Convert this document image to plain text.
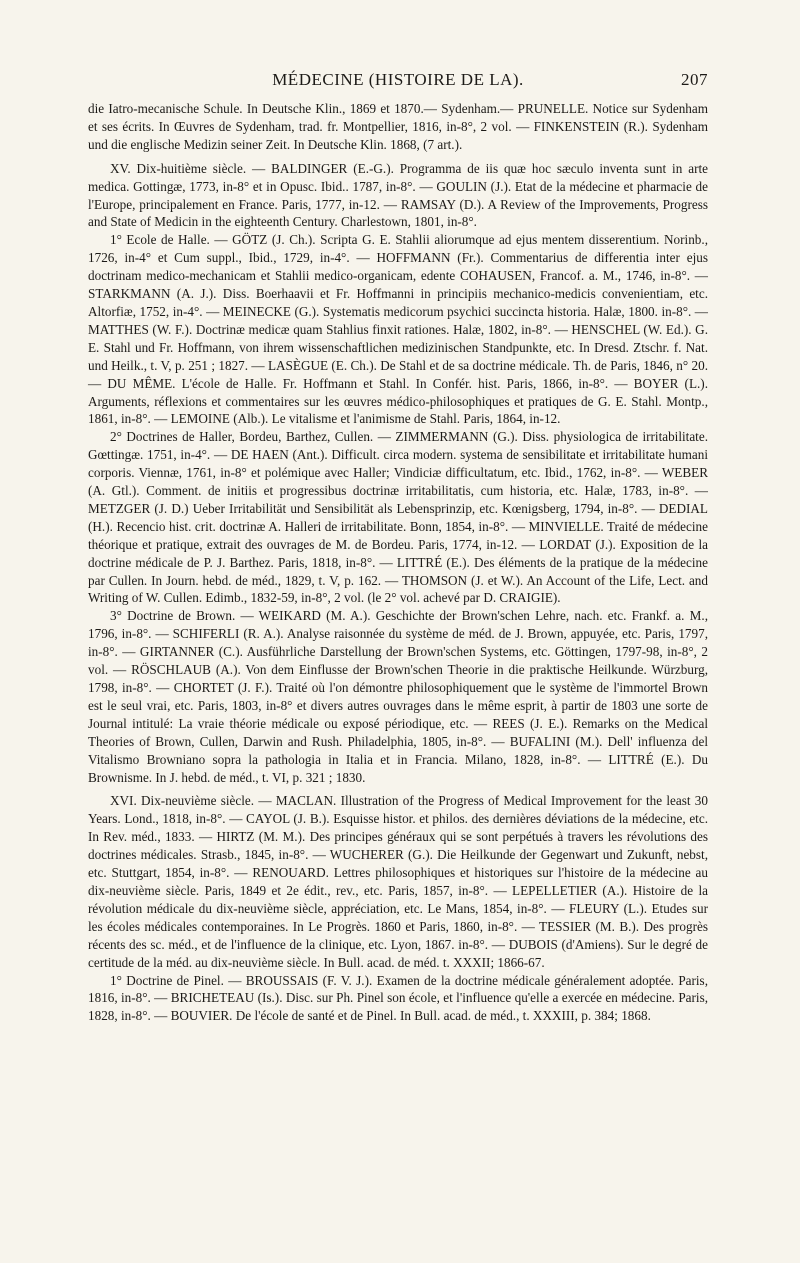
MÉDECINE (HISTOIRE DE LA).	207

die Iatro-mecanische Schule. In Deutsche Klin., 1869 et 1870.— Sydenham.— PRUNELLE. Notice sur Sydenham et ses écrits. In Œuvres de Sydenham, trad. fr. Montpellier, 1816, in-8°, 2 vol. — FINKENSTEIN (R.). Sydenham und die englische Medizin seiner Zeit. In Deutsche Klin. 1868, (7 art.).

XV. Dix-huitième siècle. — BALDINGER (E.-G.). Programma de iis quæ hoc sæculo inventa sunt in arte medica. Gottingæ, 1773, in-8° et in Opusc. Ibid.. 1787, in-8°. — GOULIN (J.). Etat de la médecine et pharmacie de l'Europe, principalement en France. Paris, 1777, in-12. — RAMSAY (D.). A Review of the Improvements, Progress and State of Medicin in the eighteenth Century. Charlestown, 1801, in-8°.

1° Ecole de Halle. — GÖTZ (J. Ch.). Scripta G. E. Stahlii aliorumque ad ejus mentem disserentium. Norinb., 1726, in-4° et Cum suppl., Ibid., 1729, in-4°. — HOFFMANN (Fr.). Commentarius de differentia inter ejus doctrinam medico-mechanicam et Stahlii medico-organicam, edente COHAUSEN, Francof. a. M., 1746, in-8°. — STARKMANN (A. J.). Diss. Boerhaavii et Fr. Hoffmanni in principiis mechanico-medicis convenientiam, etc. Altorfiæ, 1752, in-4°. — MEINECKE (G.). Systematis medicorum psychici succincta historia. Halæ, 1800. in-8°. — MATTHES (W. F.). Doctrinæ medicæ quam Stahlius finxit rationes. Halæ, 1802, in-8°. — HENSCHEL (W. Ed.). G. E. Stahl und Fr. Hoffmann, von ihrem wissenschaftlichen medizinischen Standpunkte, etc. In Dresd. Ztschr. f. Nat. und Heilk., t. V, p. 251 ; 1827. — LASÈGUE (E. Ch.). De Stahl et de sa doctrine médicale. Th. de Paris, 1846, n° 20. — DU MÊME. L'école de Halle. Fr. Hoffmann et Stahl. In Confér. hist. Paris, 1866, in-8°. — BOYER (L.). Arguments, réflexions et commentaires sur les œuvres médico-philosophiques et pratiques de G. E. Stahl. Montp., 1861, in-8°. — LEMOINE (Alb.). Le vitalisme et l'animisme de Stahl. Paris, 1864, in-12.

2° Doctrines de Haller, Bordeu, Barthez, Cullen. — ZIMMERMANN (G.). Diss. physiologica de irritabilitate. Gœttingæ. 1751, in-4°. — DE HAEN (Ant.). Difficult. circa modern. systema de sensibilitate et irritabilitate humani corporis. Viennæ, 1761, in-8° et polémique avec Haller; Vindiciæ difficultatum, etc. Ibid., 1762, in-8°. — WEBER (A. Gtl.). Comment. de initiis et progressibus doctrinæ irritabilitatis, cum historia, etc. Halæ, 1783, in-8°. — METZGER (J. D.) Ueber Irritabilität und Sensibilität als Lebensprinzip, etc. Kœnigsberg, 1794, in-8°. — DEDIAL (H.). Recencio hist. crit. doctrinæ A. Halleri de irritabilitate. Bonn, 1854, in-8°. — MINVIELLE. Traité de médecine théorique et pratique, extrait des ouvrages de M. de Bordeu. Paris, 1774, in-12. — LORDAT (J.). Exposition de la doctrine médicale de P. J. Barthez. Paris, 1818, in-8°. — LITTRÉ (E.). Des éléments de la pratique de la médecine par Cullen. In Journ. hebd. de méd., 1829, t. V, p. 162. — THOMSON (J. et W.). An Account of the Life, Lect. and Writing of W. Cullen. Edimb., 1832-59, in-8°, 2 vol. (le 2° vol. achevé par D. CRAIGIE).

3° Doctrine de Brown. — WEIKARD (M. A.). Geschichte der Brown'schen Lehre, nach. etc. Frankf. a. M., 1796, in-8°. — SCHIFERLI (R. A.). Analyse raisonnée du système de méd. de J. Brown, appuyée, etc. Paris, 1797, in-8°. — GIRTANNER (C.). Ausführliche Darstellung der Brown'schen Systems, etc. Göttingen, 1797-98, in-8°, 2 vol. — RÖSCHLAUB (A.). Von dem Einflusse der Brown'schen Theorie in die praktische Heilkunde. Würzburg, 1798, in-8°. — CHORTET (J. F.). Traité où l'on démontre philosophiquement que le système de l'immortel Brown est le seul vrai, etc. Paris, 1803, in-8° et divers autres ouvrages dans le même esprit, à partir de 1803 une sorte de Journal intitulé: La vraie théorie médicale ou exposé périodique, etc. — REES (J. E.). Remarks on the Medical Theories of Brown, Cullen, Darwin and Rush. Philadelphia, 1805, in-8°. — BUFALINI (M.). Dell' influenza del Vitalismo Browniano sopra la pathologia in Italia et in Francia. Milano, 1828, in-8°. — LITTRÉ (E.). Du Brownisme. In J. hebd. de méd., t. VI, p. 321 ; 1830.

XVI. Dix-neuvième siècle. — MACLAN. Illustration of the Progress of Medical Improvement for the least 30 Years. Lond., 1818, in-8°. — CAYOL (J. B.). Esquisse histor. et philos. des dernières déviations de la médecine, etc. In Rev. méd., 1833. — HIRTZ (M. M.). Des principes généraux qui se sont perpétués à travers les révolutions des doctrines médicales. Strasb., 1845, in-8°. — WUCHERER (G.). Die Heilkunde der Gegenwart und Zukunft, nebst, etc. Stuttgart, 1854, in-8°. — RENOUARD. Lettres philosophiques et historiques sur l'histoire de la médecine au dix-neuvième siècle. Paris, 1849 et 2e édit., rev., etc. Paris, 1857, in-8°. — LEPELLETIER (A.). Histoire de la révolution médicale du dix-neuvième siècle, appréciation, etc. Le Mans, 1854, in-8°. — FLEURY (L.). Etudes sur les écoles médicales contemporaines. In Le Progrès. 1860 et Paris, 1860, in-8°. — TESSIER (M. B.). Des progrès récents des sc. méd., et de l'influence de la clinique, etc. Lyon, 1867. in-8°. — DUBOIS (d'Amiens). Sur le degré de certitude de la méd. au dix-neuvième siècle. In Bull. acad. de méd. t. XXXII; 1866-67.

1° Doctrine de Pinel. — BROUSSAIS (F. V. J.). Examen de la doctrine médicale généralement adoptée. Paris, 1816, in-8°. — BRICHETEAU (Is.). Disc. sur Ph. Pinel son école, et l'influence qu'elle a exercée en médecine. Paris, 1828, in-8°. — BOUVIER. De l'école de santé et de Pinel. In Bull. acad. de méd., t. XXXIII, p. 384; 1868.
